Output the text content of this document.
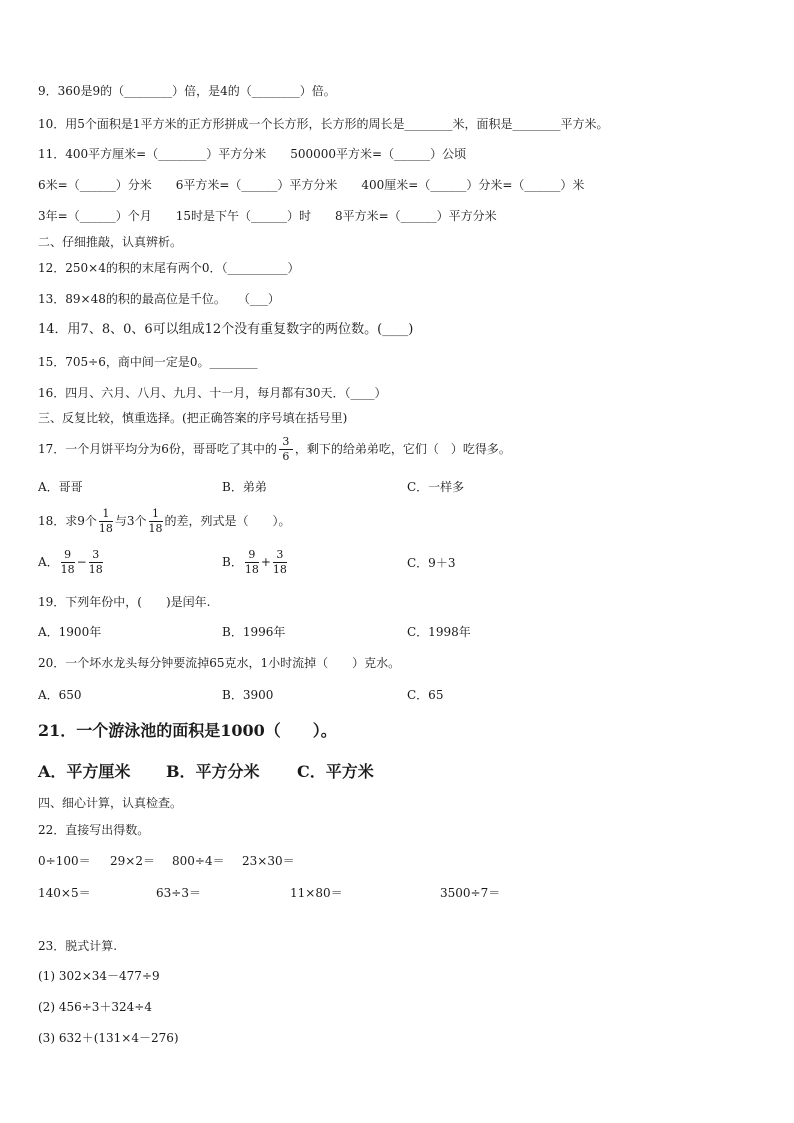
9．360是9的（________）倍，是4的（________）倍。
10．用5个面积是1平方米的正方形拼成一个长方形，长方形的周长是________米，面积是________平方米。
11．400平方厘米=（________）平方分米　　500000平方米=（______）公顷
6米=（______）分米　　6平方米=（______）平方分米　　400厘米=（______）分米=（______）米
3年=（______）个月　　15时是下午（______）时　　8平方米=（______）平方分米
二、仔细推敲，认真辨析。
12．250×4的积的末尾有两个0．（__________）
13．89×48的积的最高位是千位。　　（___）
14．用7、8、0、6可以组成12个没有重复数字的两位数。(____)
15．705÷6，商中间一定是0。________
16．四月、六月、八月、九月、十一月，每月都有30天．（____）
三、反复比较，慎重选择。(把正确答案的序号填在括号里)
17．一个月饼平均分为6份，哥哥吃了其中的 $\frac{3}{6}$ ，剩下的给弟弟吃，它们（　）吃得多。
A．哥哥	B．弟弟	C．一样多
18．求9个 $\frac{1}{18}$ 与3个 $\frac{1}{18}$ 的差，列式是（　　）。
A． $\frac{9}{18} - \frac{3}{18}$	B． $\frac{9}{18} + \frac{3}{18}$	C．9＋3
19．下列年份中，(　　)是闰年.
A．1900年	B．1996年	C．1998年
20．一个坏水龙头每分钟要流掉65克水，1小时流掉（　　）克水。
A．650	B．3900	C．65
21．一个游泳池的面积是1000（　　）。
A．平方厘米 B．平方分米 C．平方米
四、细心计算，认真检查。
22．直接写出得数。
0÷100＝ 29×2＝ 800÷4＝ 23×30＝
140×5＝	63÷3＝	11×80＝	3500÷7＝
23．脱式计算.
(1) 302×34－477÷9
(2) 456÷3＋324÷4
(3) 632＋(131×4－276)
